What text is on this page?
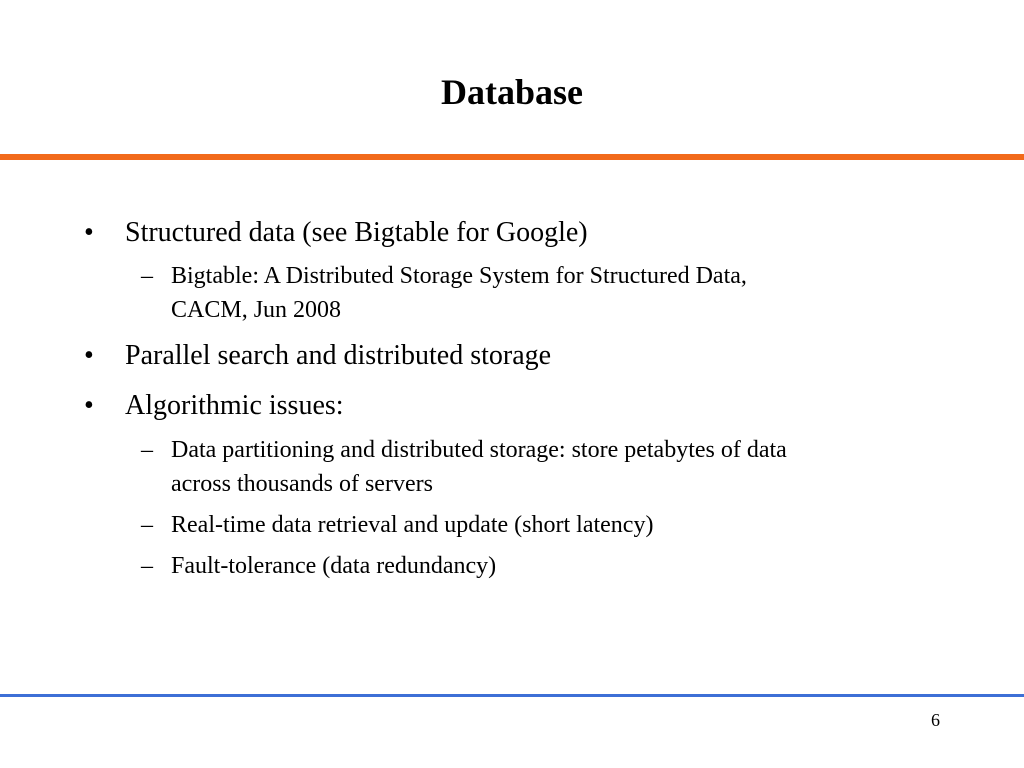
Database
• Structured data (see Bigtable for Google)
– Bigtable: A Distributed Storage System for Structured Data,
CACM, Jun 2008
• Parallel search and distributed storage
• Algorithmic issues:
– Data partitioning and distributed storage: store petabytes of data
across thousands of servers
– Real-time data retrieval and update (short latency)
– Fault-tolerance (data redundancy)
6
